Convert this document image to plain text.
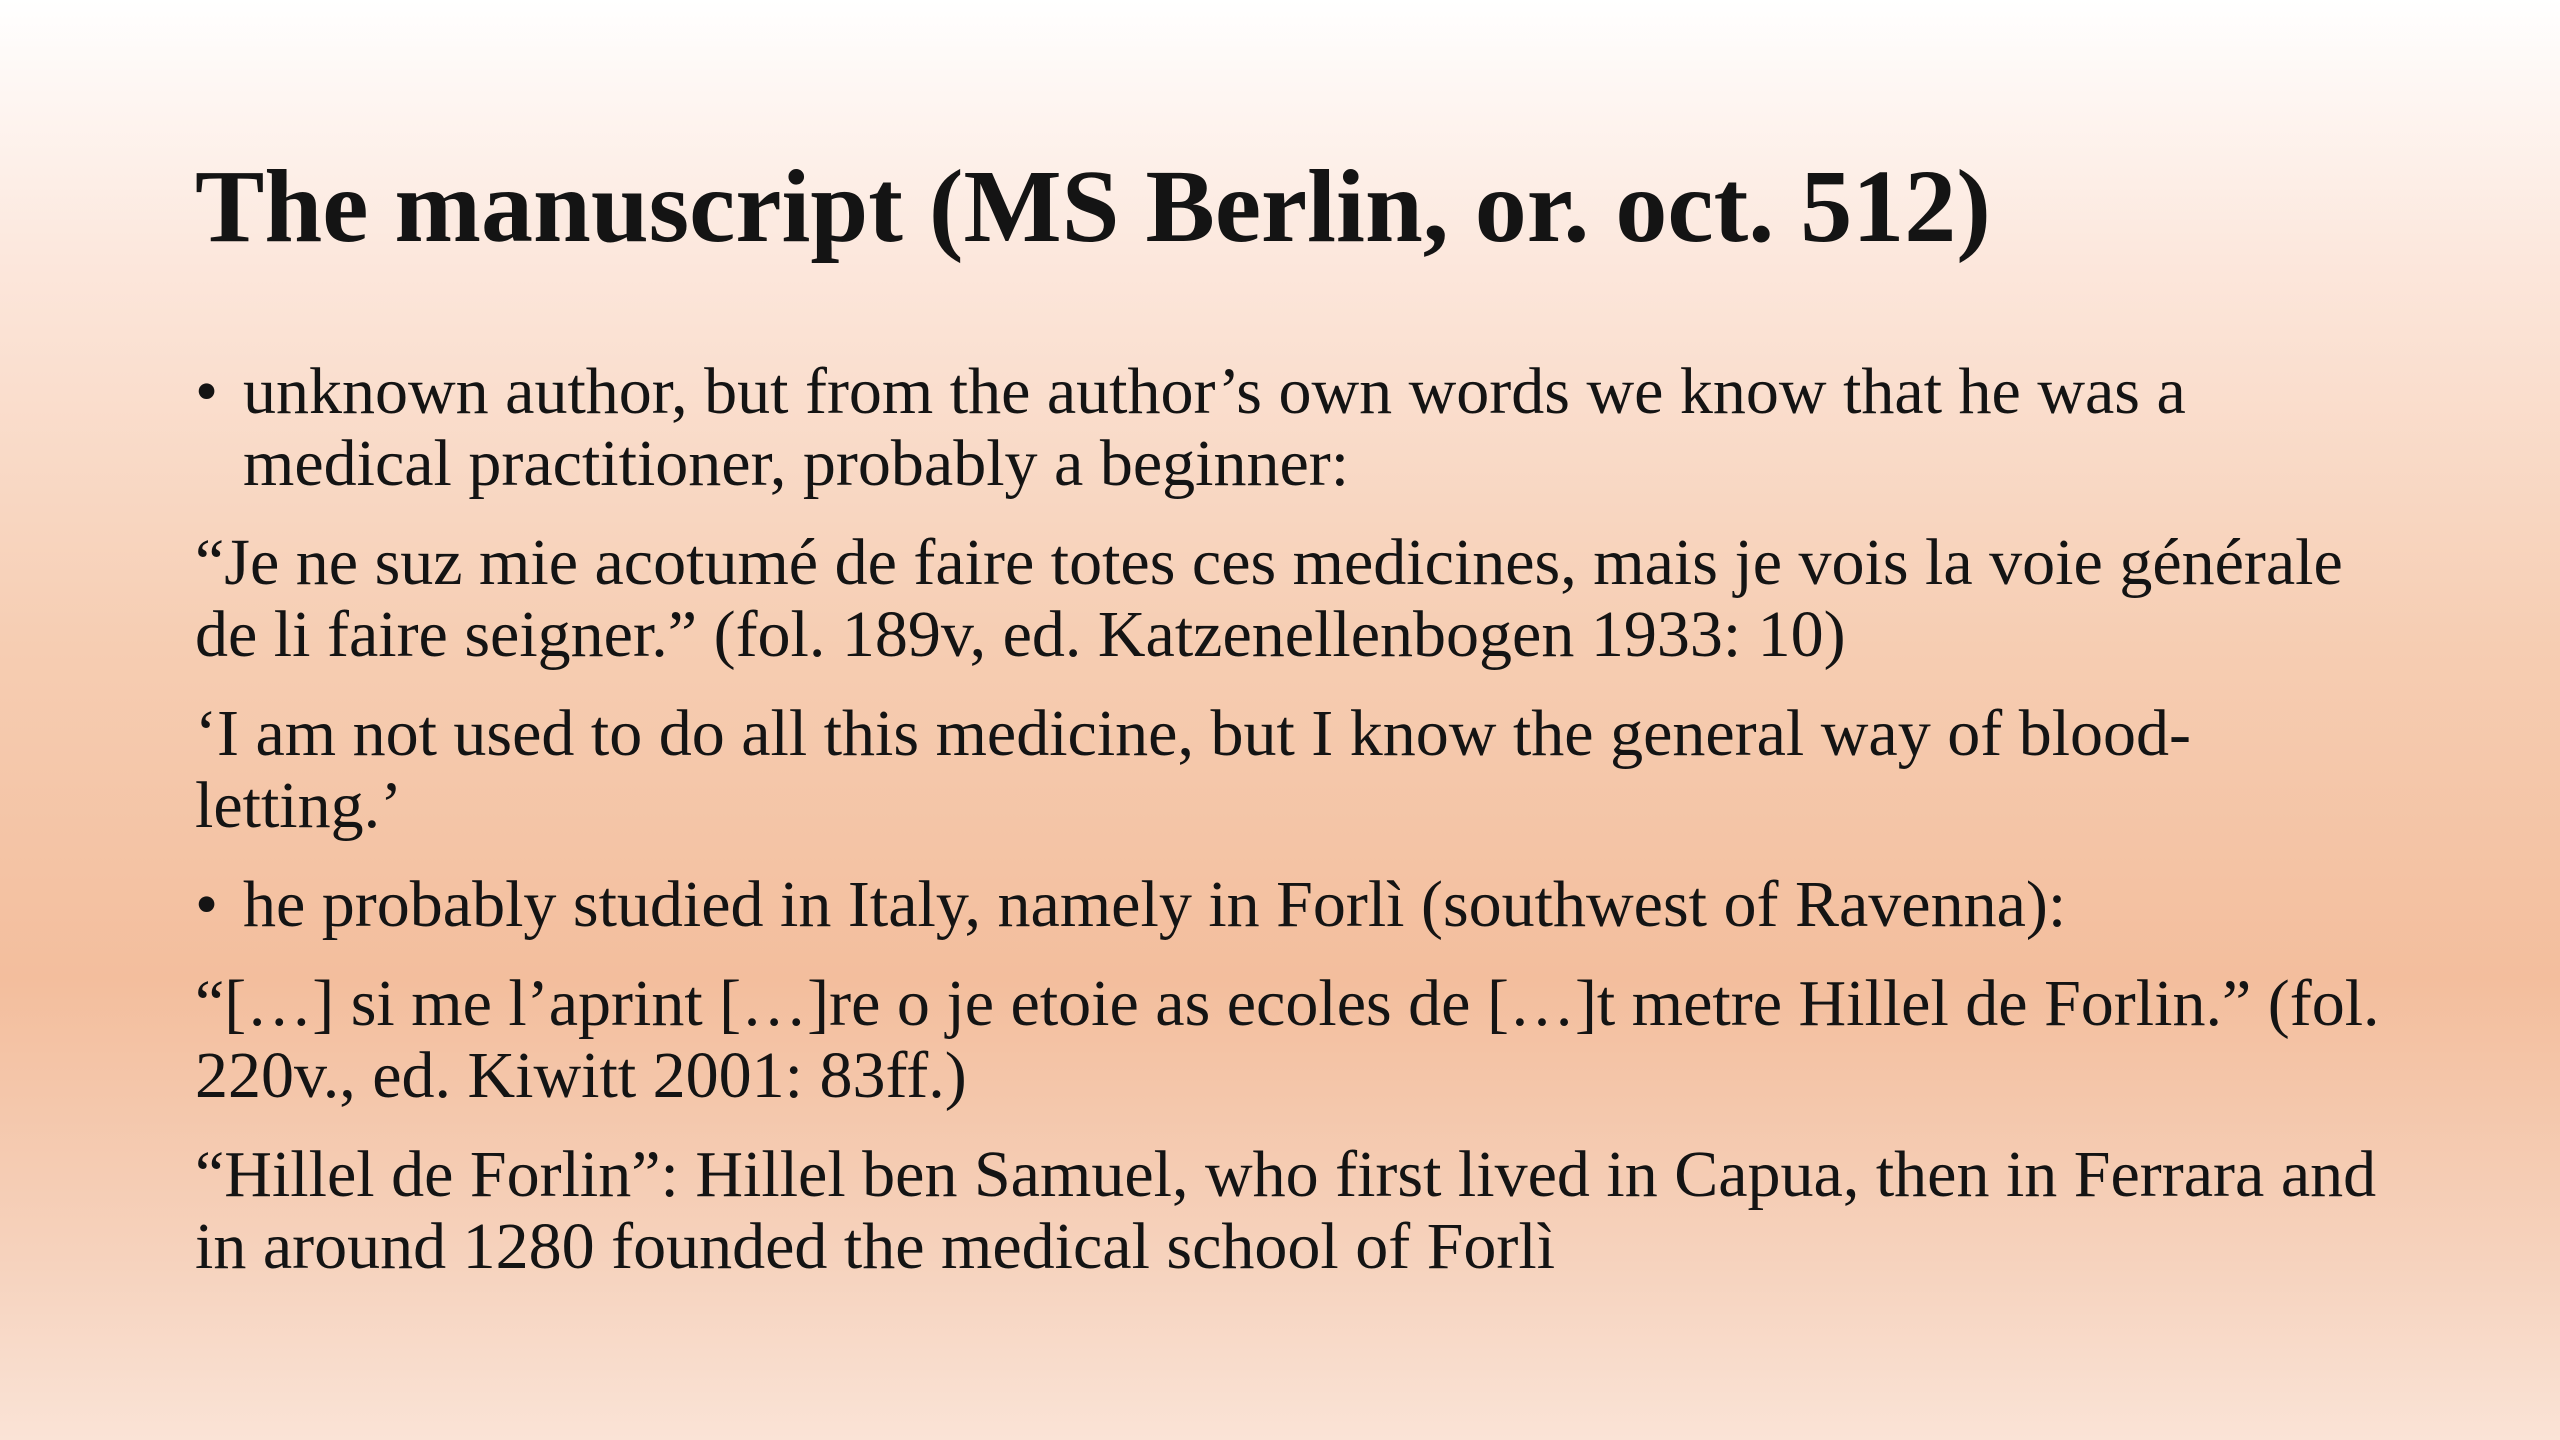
The manuscript (MS Berlin, or. oct. 512)
• unknown author, but from the author’s own words we know that he was a medical practitioner, probably a beginner:

“Je ne suz mie acotumé de faire totes ces medicines, mais je vois la voie générale de li faire seigner.” (fol. 189v, ed. Katzenellenbogen 1933: 10)

‘I am not used to do all this medicine, but I know the general way of blood-letting.’

• he probably studied in Italy, namely in Forlì (southwest of Ravenna):

“[…] si me l’aprint […]re o je etoie as ecoles de […]t metre Hillel de Forlin.” (fol. 220v., ed. Kiwitt 2001: 83ff.)

“Hillel de Forlin”: Hillel ben Samuel, who first lived in Capua, then in Ferrara and in around 1280 founded the medical school of Forlì
